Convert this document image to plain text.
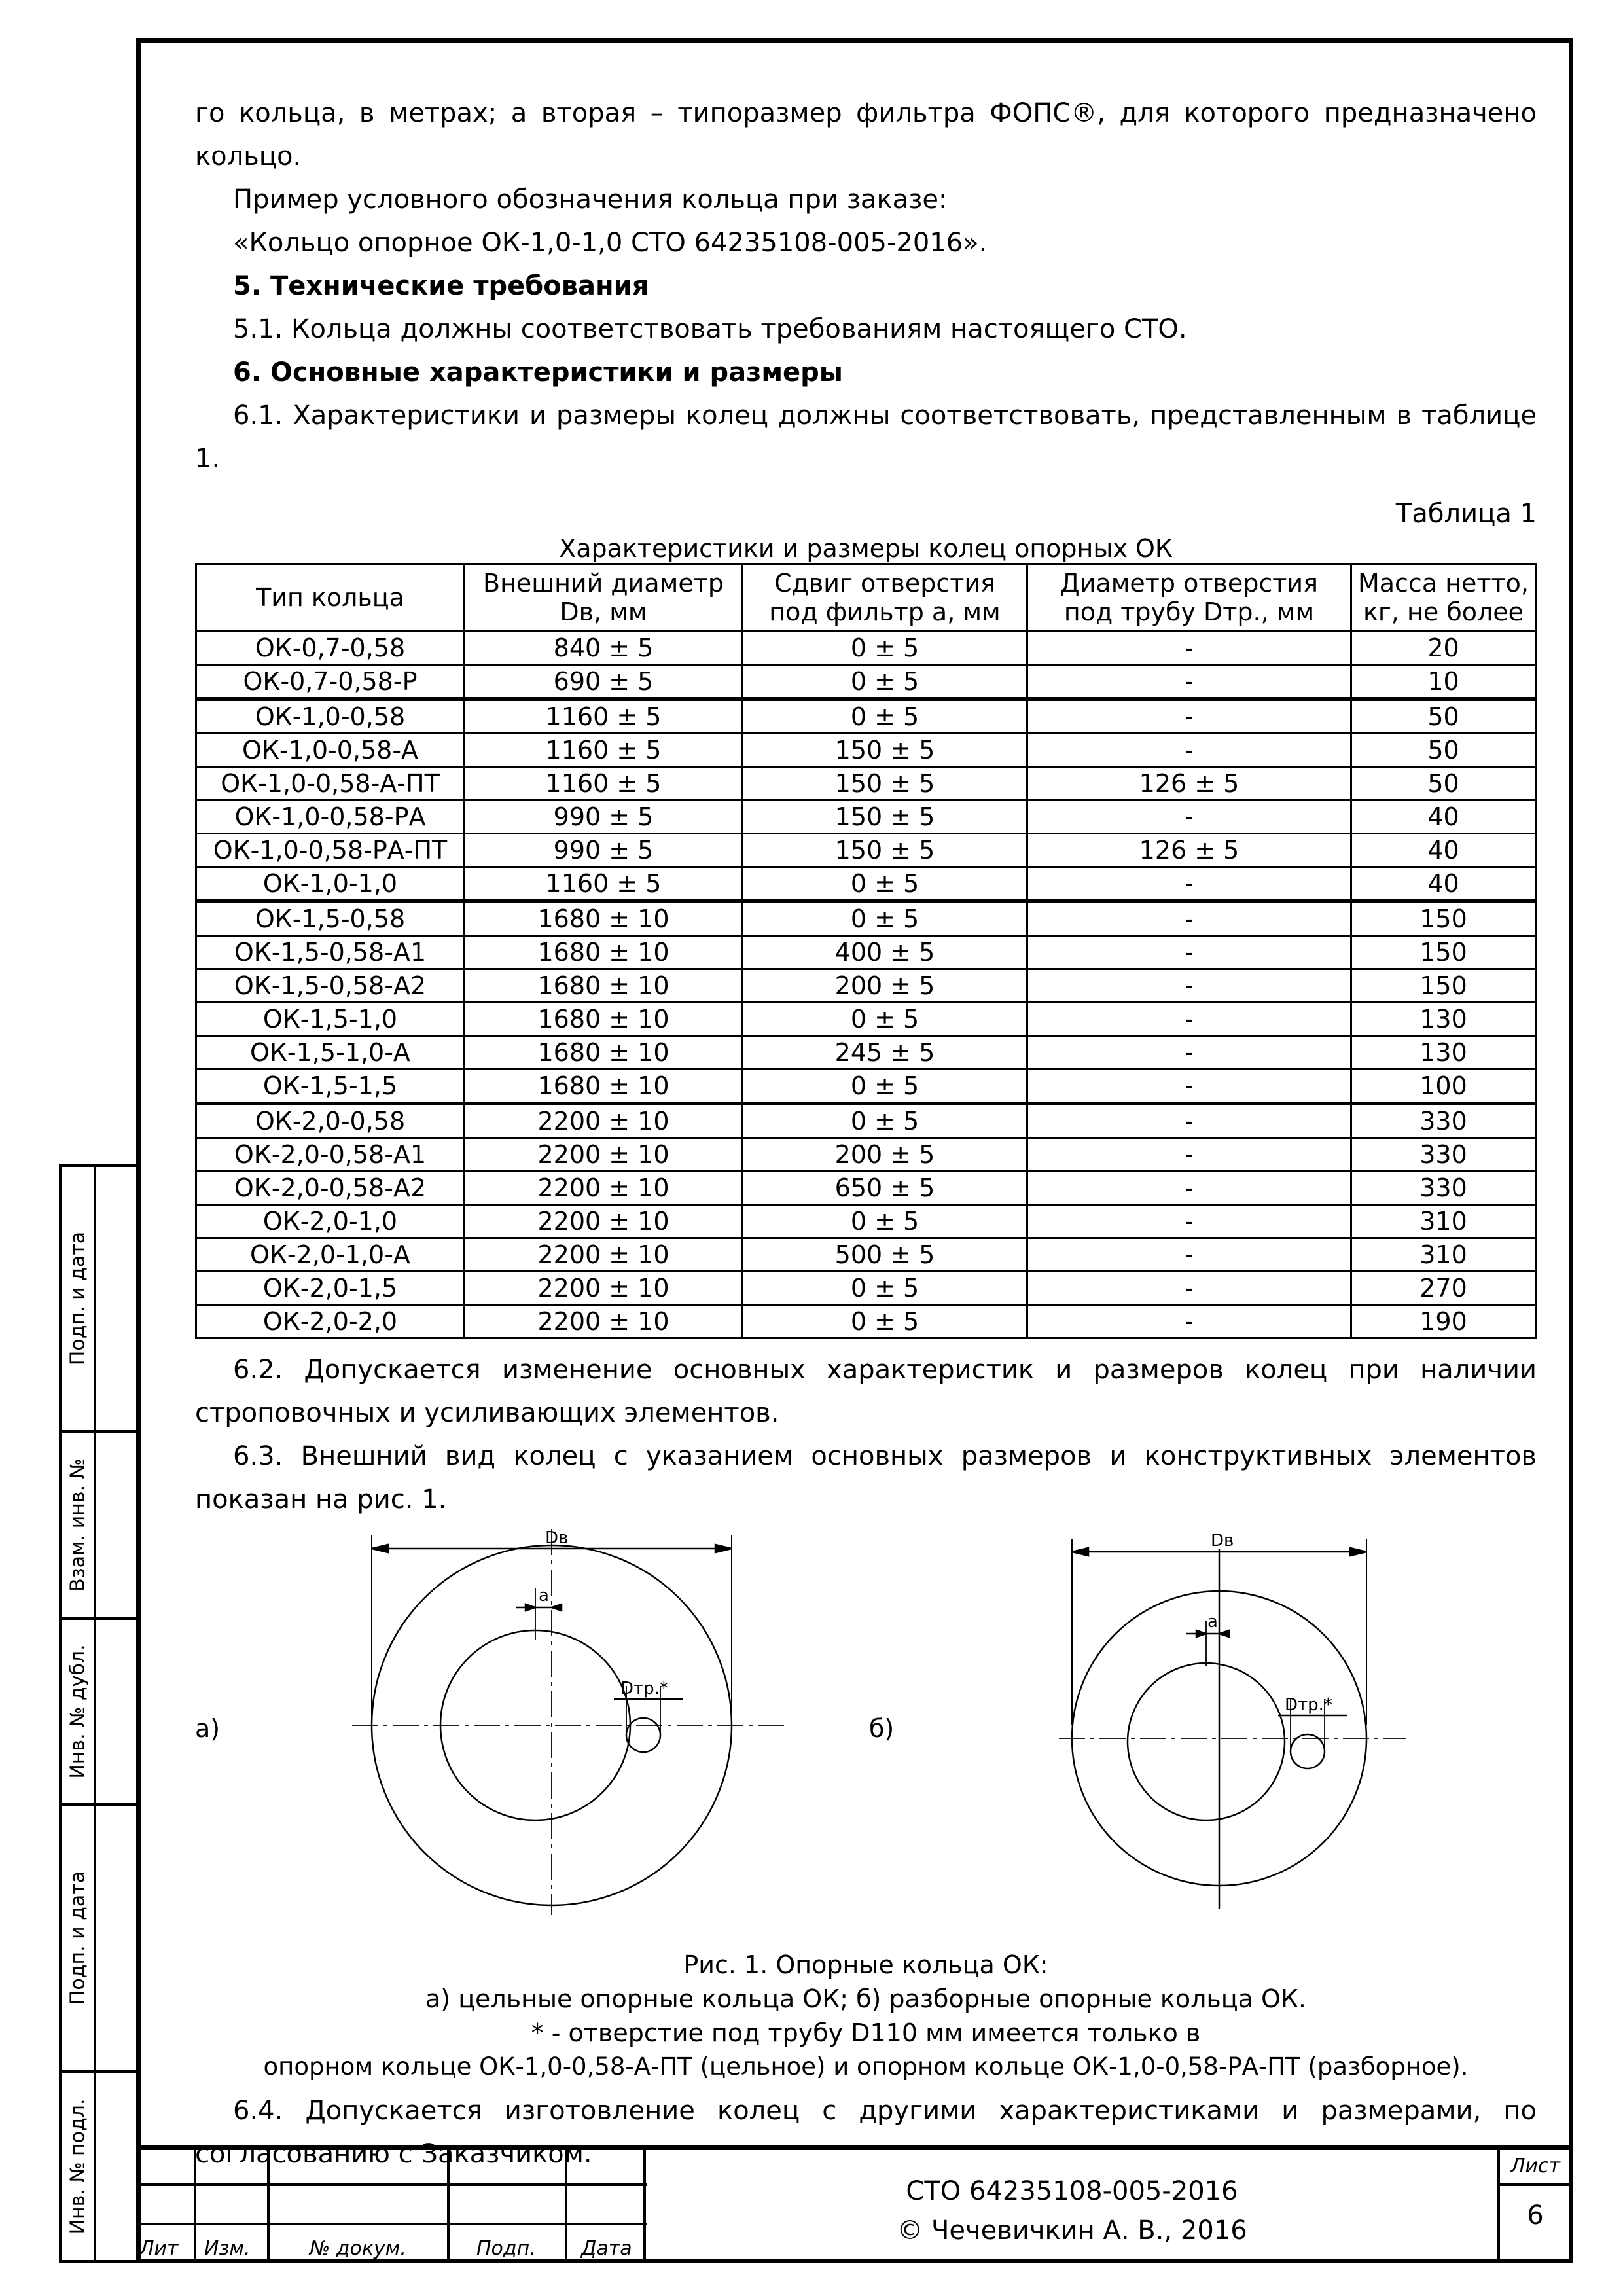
Подп. и дата
Взам. инв. №
Инв. № дубл.
Подп. и дата
Инв. № подл.

го кольца, в метрах; а вторая – типоразмер фильтра ФОПС®, для которого предназначено кольцо.

Пример условного обозначения кольца при заказе:

«Кольцо опорное ОК-1,0-1,0 СТО 64235108-005-2016».

5. Технические требования

5.1. Кольца должны соответствовать требованиям настоящего СТО.

6. Основные характеристики и размеры

6.1. Характеристики и размеры колец должны соответствовать, представленным в таблице 1.

Таблица 1
Характеристики и размеры колец опорных ОК
Тип кольца	Внешний диаметр Dв, мм	Сдвиг отверстия под фильтр а, мм	Диаметр отверстия под трубу Dтр., мм	Масса нетто, кг, не более
ОК-0,7-0,58	840 ± 5	0 ± 5	-	20
ОК-0,7-0,58-Р	690 ± 5	0 ± 5	-	10
ОК-1,0-0,58	1160 ± 5	0 ± 5	-	50
ОК-1,0-0,58-А	1160 ± 5	150 ± 5	-	50
ОК-1,0-0,58-А-ПТ	1160 ± 5	150 ± 5	126 ± 5	50
ОК-1,0-0,58-РА	990 ± 5	150 ± 5	-	40
ОК-1,0-0,58-РА-ПТ	990 ± 5	150 ± 5	126 ± 5	40
ОК-1,0-1,0	1160 ± 5	0 ± 5	-	40
ОК-1,5-0,58	1680 ± 10	0 ± 5	-	150
ОК-1,5-0,58-А1	1680 ± 10	400 ± 5	-	150
ОК-1,5-0,58-А2	1680 ± 10	200 ± 5	-	150
ОК-1,5-1,0	1680 ± 10	0 ± 5	-	130
ОК-1,5-1,0-А	1680 ± 10	245 ± 5	-	130
ОК-1,5-1,5	1680 ± 10	0 ± 5	-	100
ОК-2,0-0,58	2200 ± 10	0 ± 5	-	330
ОК-2,0-0,58-А1	2200 ± 10	200 ± 5	-	330
ОК-2,0-0,58-А2	2200 ± 10	650 ± 5	-	330
ОК-2,0-1,0	2200 ± 10	0 ± 5	-	310
ОК-2,0-1,0-А	2200 ± 10	500 ± 5	-	310
ОК-2,0-1,5	2200 ± 10	0 ± 5	-	270
ОК-2,0-2,0	2200 ± 10	0 ± 5	-	190

6.2. Допускается изменение основных характеристик и размеров колец при наличии строповочных и усиливающих элементов.

6.3. Внешний вид колец с указанием основных размеров и конструктивных элементов показан на рис. 1.

Dв
а
Dтр.*
Dв
а
Dтр.*
а)	б)
Рис. 1. Опорные кольца ОК:
а) цельные опорные кольца ОК; б) разборные опорные кольца ОК.
* - отверстие под трубу D110 мм имеется только в
опорном кольце ОК-1,0-0,58-А-ПТ (цельное) и опорном кольце ОК-1,0-0,58-РА-ПТ (разборное).

6.4. Допускается изготовление колец с другими характеристиками и размерами, по согласованию с Заказчиком.

Лит Изм.	№ докум.	Подп. Дата
СТО 64235108-005-2016
© Чечевичкин А. В., 2016
Лист
6
